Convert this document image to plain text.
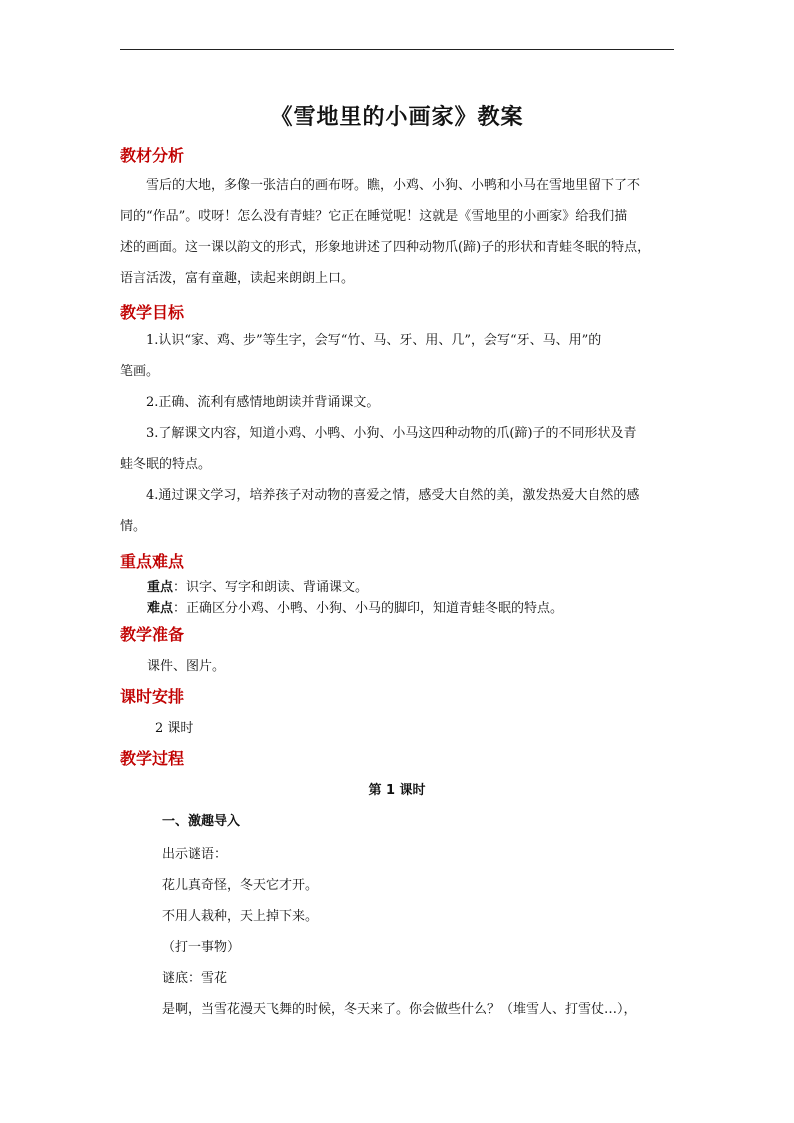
《雪地里的小画家》教案
教材分析
雪后的大地，多像一张洁白的画布呀。瞧，小鸡、小狗、小鸭和小马在雪地里留下了不
同的“作品”。哎呀！怎么没有青蛙？它正在睡觉呢！这就是《雪地里的小画家》给我们描
述的画面。这一课以韵文的形式，形象地讲述了四种动物爪(蹄)子的形状和青蛙冬眠的特点，
语言活泼，富有童趣，读起来朗朗上口。
教学目标
1.认识“家、鸡、步”等生字，会写“竹、马、牙、用、几”，会写“牙、马、用”的
笔画。
2.正确、流利有感情地朗读并背诵课文。
3.了解课文内容，知道小鸡、小鸭、小狗、小马这四种动物的爪(蹄)子的不同形状及青
蛙冬眠的特点。
4.通过课文学习，培养孩子对动物的喜爱之情，感受大自然的美，激发热爱大自然的感
情。
重点难点
重点：识字、写字和朗读、背诵课文。
难点：正确区分小鸡、小鸭、小狗、小马的脚印，知道青蛙冬眠的特点。
教学准备
课件、图片。
课时安排
2 课时
教学过程
第 1 课时
一、激趣导入
出示谜语：
花儿真奇怪，冬天它才开。
不用人栽种，天上掉下来。
（打一事物）
谜底：雪花
是啊，当雪花漫天飞舞的时候，冬天来了。你会做些什么？（堆雪人、打雪仗…），
